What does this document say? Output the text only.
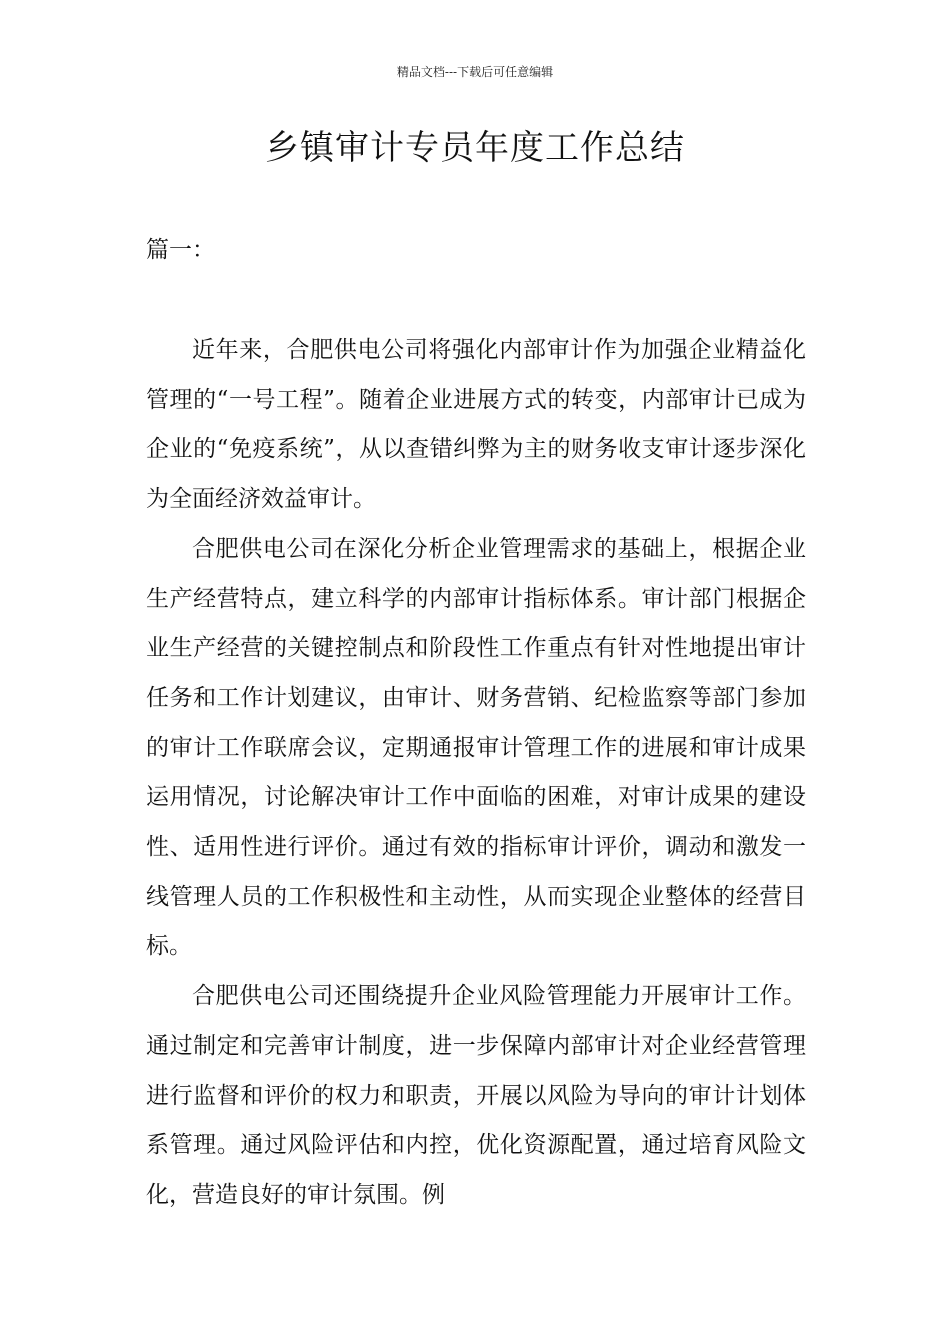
精品文档---下载后可任意编辑
乡镇审计专员年度工作总结
篇一：

近年来，合肥供电公司将强化内部审计作为加强企业精益化管理的“一号工程”。随着企业进展方式的转变，内部审计已成为企业的“免疫系统”，从以查错纠弊为主的财务收支审计逐步深化为全面经济效益审计。

合肥供电公司在深化分析企业管理需求的基础上，根据企业生产经营特点，建立科学的内部审计指标体系。审计部门根据企业生产经营的关键控制点和阶段性工作重点有针对性地提出审计任务和工作计划建议，由审计、财务营销、纪检监察等部门参加的审计工作联席会议，定期通报审计管理工作的进展和审计成果运用情况，讨论解决审计工作中面临的困难，对审计成果的建设性、适用性进行评价。通过有效的指标审计评价，调动和激发一线管理人员的工作积极性和主动性，从而实现企业整体的经营目标。

合肥供电公司还围绕提升企业风险管理能力开展审计工作。通过制定和完善审计制度，进一步保障内部审计对企业经营管理进行监督和评价的权力和职责，开展以风险为导向的审计计划体系管理。通过风险评估和内控，优化资源配置，通过培育风险文化，营造良好的审计氛围。例
